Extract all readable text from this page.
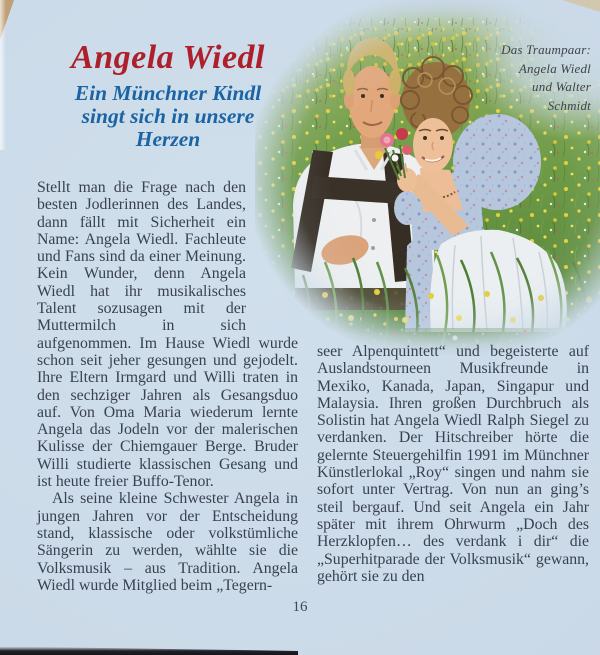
Das Traumpaar:
Angela Wiedl
und Walter
Schmidt
Angela Wiedl
Ein Münchner Kindl
singt sich in unsere
Herzen

Stellt man die Frage nach den besten Jodlerinnen des Landes, dann fällt mit Sicherheit ein Name: Angela Wiedl. Fachleute und Fans sind da einer Meinung. Kein Wunder, denn Angela Wiedl hat ihr musikalisches Talent sozusagen mit der Muttermilch in sich aufgenommen. Im Hause Wiedl wurde schon seit jeher gesungen und gejodelt. Ihre Eltern Irmgard und Willi traten in den sechziger Jahren als Gesangsduo auf. Von Oma Maria wiederum lernte Angela das Jodeln vor der malerischen Kulisse der Chiemgauer Berge. Bruder Willi studierte klassischen Gesang und ist heute freier Buffo-Tenor.

Als seine kleine Schwester Angela in jungen Jahren vor der Entscheidung stand, klassische oder volkstümliche Sängerin zu werden, wählte sie die Volksmusik – aus Tradition. Angela Wiedl wurde Mitglied beim „Tegern-

seer Alpenquintett“ und begeisterte auf Auslandstourneen Musikfreunde in Mexiko, Kanada, Japan, Singapur und Malaysia. Ihren großen Durchbruch als Solistin hat Angela Wiedl Ralph Siegel zu verdanken. Der Hitschreiber hörte die gelernte Steuergehilfin 1991 im Münchner Künstlerlokal „Roy“ singen und nahm sie sofort unter Vertrag. Von nun an ging’s steil bergauf. Und seit Angela ein Jahr später mit ihrem Ohrwurm „Doch des Herzklopfen… des verdank i dir“ die „Superhitparade der Volksmusik“ gewann, gehört sie zu den

16
